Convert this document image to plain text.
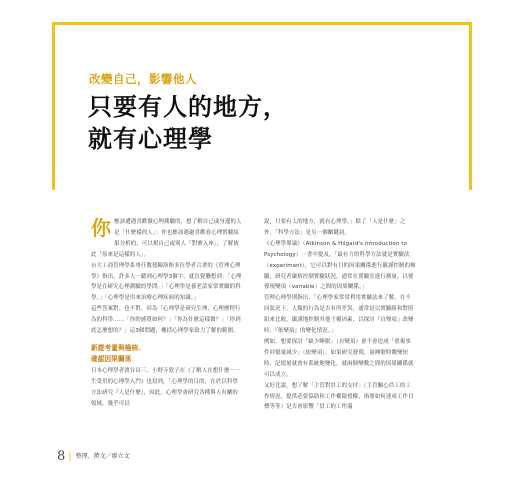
改變自己，影響他人
只要有人的地方，
就有心理學

你應該遭遇喜歡做心理測驗的、想了解自己或身邊的人是「什麼樣的人」；你也應該遇過喜歡看心理實驗結果分析的，可以幫自己或別人「對號入座」，了解彼此「原來是這樣的人」。

台大工商管理學系專任教授陳洛斯多位學者合著的《管理心理學》指出，許多人一聽到心理學3個字，就直覺聯想到：「心理學是在研究心理測驗的學問。」「心理學是養老話家常實驗的科學。」「心理學是用來治療心理疾病的知識。」

這些答案對、也不對，因為「心理學是研究生理、心理歷程行為的科學……「你的感覺如何？」「你為什麼這樣做？」「你到底怎麼想的？」這3個問題，概括心理學家致力了解的範圍。

新證考量與檢核、
確認因果關係

日本心理學者渡谷昌三、小野寺敦子在《了解人在想什麼－一生受用的心理學入門》也寫到，「心理學的目的，在於以科學方法研究『人是什麼』，因此，心理學會研究各種與人有關的領域，幾乎可以

說，只要有人的地方，就有心理學。」除了「人是什麼」之外，「科學方法」是另一個關鍵詞。

《心理學導論》（Atkinson & Hilgard's Introduction to Psychology）一書中提及，「最有力的科學方法就是實驗法（experiment），它可以對有目的因果關係進行嚴謹控制的檢驗，研究者嚴格控制實驗狀況，通常在實驗室進行測量，以便發現變項（variable）之間的因果關係。」

管理心理學則指出，「心理學家常常利用實驗法來了解，在不同狀況下，人類的行為是否有所差異，通常是以實驗組和對照組來比較，嚴謹地控制其他干擾因素，以探討『自變項』改變時，『依變項』的變化情況。」

例如，想要探討「缺少睡眠」（自變項）會不會造成「重複事件回憶量減少」（依變項），如果研究發現，量睡眠時數變短時，記憶量就會有系統地變化，就兩個變數之間的因果關係就可以成立。

又好比說，想了解「主管對員工的支持」（主管關心員工的工作情況，提供必要協助和工作權限授權，指導如何達成工作目標等等）是否會影響「員工的工作滿

8 | 整理、撰文／廖立文
